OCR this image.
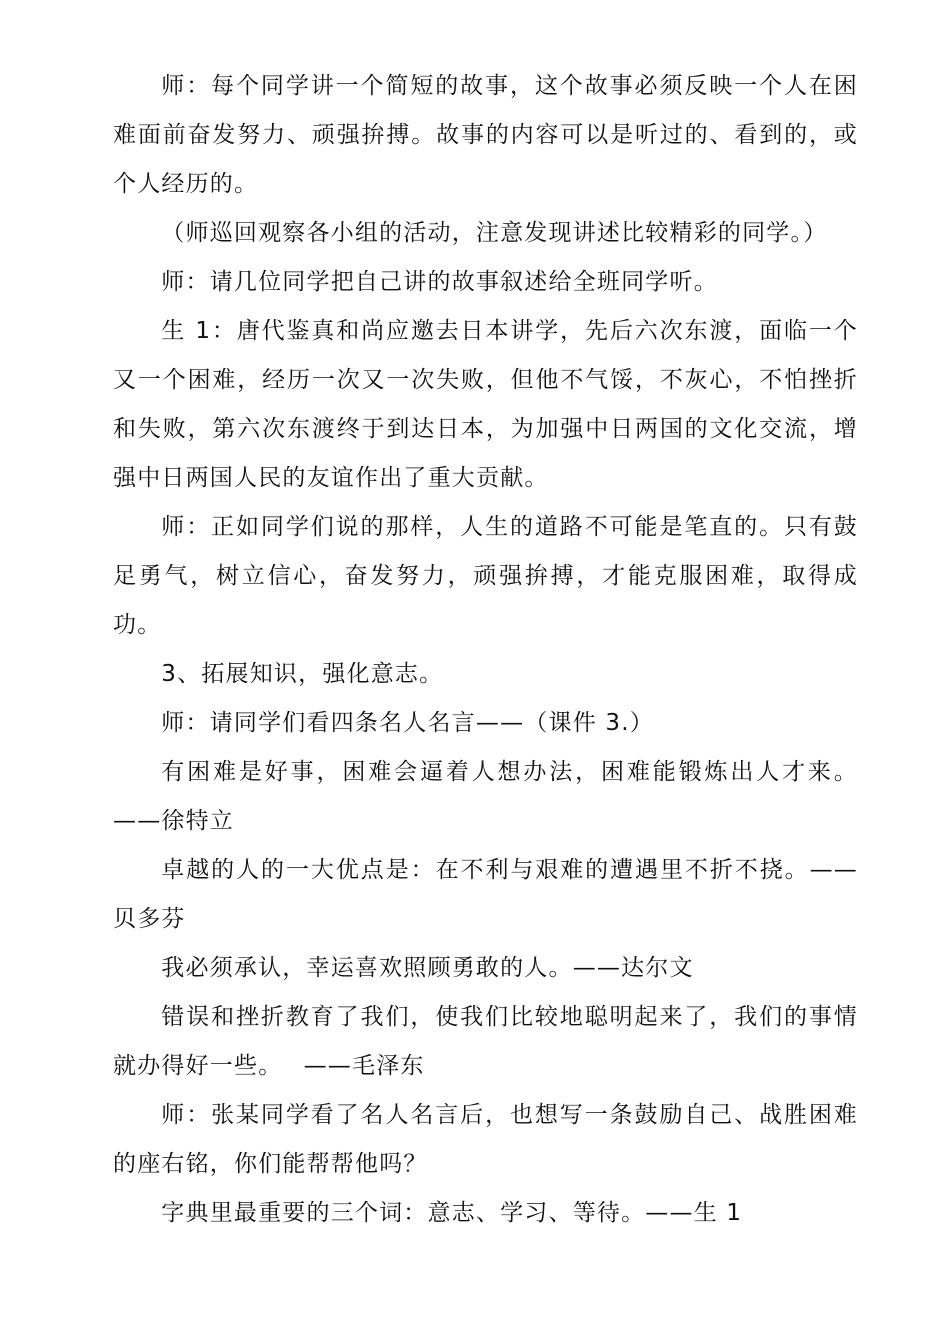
师：每个同学讲一个简短的故事，这个故事必须反映一个人在困难面前奋发努力、顽强拚搏。故事的内容可以是听过的、看到的，或个人经历的。

（师巡回观察各小组的活动，注意发现讲述比较精彩的同学。）

师：请几位同学把自己讲的故事叙述给全班同学听。

生 1：唐代鉴真和尚应邀去日本讲学，先后六次东渡，面临一个又一个困难，经历一次又一次失败，但他不气馁，不灰心，不怕挫折和失败，第六次东渡终于到达日本，为加强中日两国的文化交流，增强中日两国人民的友谊作出了重大贡献。

师：正如同学们说的那样，人生的道路不可能是笔直的。只有鼓足勇气，树立信心，奋发努力，顽强拚搏，才能克服困难，取得成功。

3、拓展知识，强化意志。

师：请同学们看四条名人名言——（课件 3.）

有困难是好事，困难会逼着人想办法，困难能锻炼出人才来。——徐特立

卓越的人的一大优点是：在不利与艰难的遭遇里不折不挠。——贝多芬

我必须承认，幸运喜欢照顾勇敢的人。——达尔文

错误和挫折教育了我们，使我们比较地聪明起来了，我们的事情就办得好一些。　 ——毛泽东

师：张某同学看了名人名言后，也想写一条鼓励自己、战胜困难的座右铭，你们能帮帮他吗？

字典里最重要的三个词：意志、学习、等待。——生 1
